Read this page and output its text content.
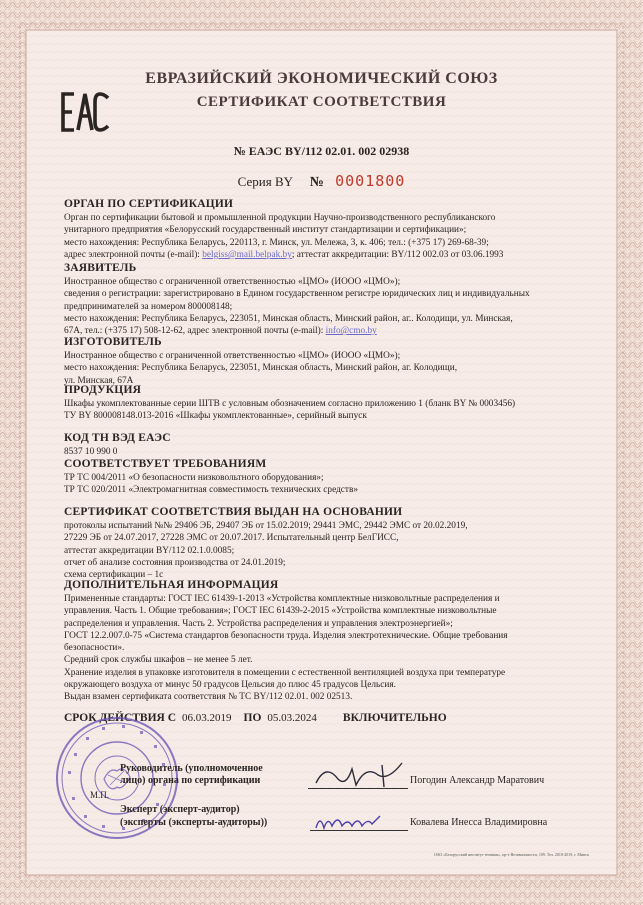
ЕВРАЗИЙСКИЙ ЭКОНОМИЧЕСКИЙ СОЮЗ
СЕРТИФИКАТ СООТВЕТСТВИЯ
№ ЕАЭС BY/112 02.01. 002 02938
Серия BY № 0001800
ОРГАН ПО СЕРТИФИКАЦИИ
Орган по сертификации бытовой и промышленной продукции Научно-производственного республиканского
унитарного предприятия «Белорусский государственный институт стандартизации и сертификации»;
место нахождения: Республика Беларусь, 220113, г. Минск, ул. Мележа, 3, к. 406; тел.: (+375 17) 269-68-39;
адрес электронной почты (e-mail): belgiss@mail.belpak.by; аттестат аккредитации: BY/112 002.03 от 03.06.1993
ЗАЯВИТЕЛЬ
Иностранное общество с ограниченной ответственностью «ЦМО» (ИООО «ЦМО»);
сведения о регистрации: зарегистрировано в Едином государственном регистре юридических лиц и индивидуальных
предпринимателей за номером 800008148;
место нахождения: Республика Беларусь, 223051, Минская область, Минский район, аг.. Колодищи, ул. Минская,
67А, тел.: (+375 17) 508-12-62, адрес электронной почты (e-mail): info@cmo.by
ИЗГОТОВИТЕЛЬ
Иностранное общество с ограниченной ответственностью «ЦМО» (ИООО «ЦМО»);
место нахождения: Республика Беларусь, 223051, Минская область, Минский район, аг. Колодищи,
ул. Минская, 67А
ПРОДУКЦИЯ
Шкафы укомплектованные серии ШТВ с условным обозначением согласно приложению 1 (бланк BY № 0003456)
ТУ BY 800008148.013-2016 «Шкафы укомплектованные», серийный выпуск
КОД ТН ВЭД ЕАЭС
8537 10 990 0
СООТВЕТСТВУЕТ ТРЕБОВАНИЯМ
ТР ТС 004/2011 «О безопасности низковольтного оборудования»;
ТР ТС 020/2011 «Электромагнитная совместимость технических средств»
СЕРТИФИКАТ СООТВЕТСТВИЯ ВЫДАН НА ОСНОВАНИИ
протоколы испытаний №№ 29406 ЭБ, 29407 ЭБ от 15.02.2019; 29441 ЭМС, 29442 ЭМС от 20.02.2019,
27229 ЭБ от 24.07.2017, 27228 ЭМС от 20.07.2017. Испытательный центр БелГИСС,
аттестат аккредитации BY/112 02.1.0.0085;
отчет об анализе состояния производства от 24.01.2019;
схема сертификации – 1с
ДОПОЛНИТЕЛЬНАЯ ИНФОРМАЦИЯ
Примененные стандарты: ГОСТ IEC 61439-1-2013 «Устройства комплектные низковольтные распределения и
управления. Часть 1. Общие требования»; ГОСТ IEC 61439-2-2015 «Устройства комплектные низковольтные
распределения и управления. Часть 2. Устройства распределения и управления электроэнергией»;
ГОСТ 12.2.007.0-75 «Система стандартов безопасности труда. Изделия электротехнические. Общие требования
безопасности».
Средний срок службы шкафов – не менее 5 лет.
Хранение изделия в упаковке изготовителя в помещении с естественной вентиляцией воздуха при температуре
окружающего воздуха от минус 50 градусов Цельсия до плюс 45 градусов Цельсия.
Выдан взамен сертификата соответствия № ТС BY/112 02.01. 002 02513.
СРОК ДЕЙСТВИЯ С 06.03.2019 ПО 05.03.2024 ВКЛЮЧИТЕЛЬНО
Руководитель (уполномоченное
лицо) органа по сертификации	Погодин Александр Маратович
М.П.
Эксперт (эксперт-аудитор)
(эксперты (эксперты-аудиторы))	Ковалева Инесса Владимировна
ОАО «Белорусский институт техники», пр-т Независимости, 109. Тел. 2010-2019, г. Минск
